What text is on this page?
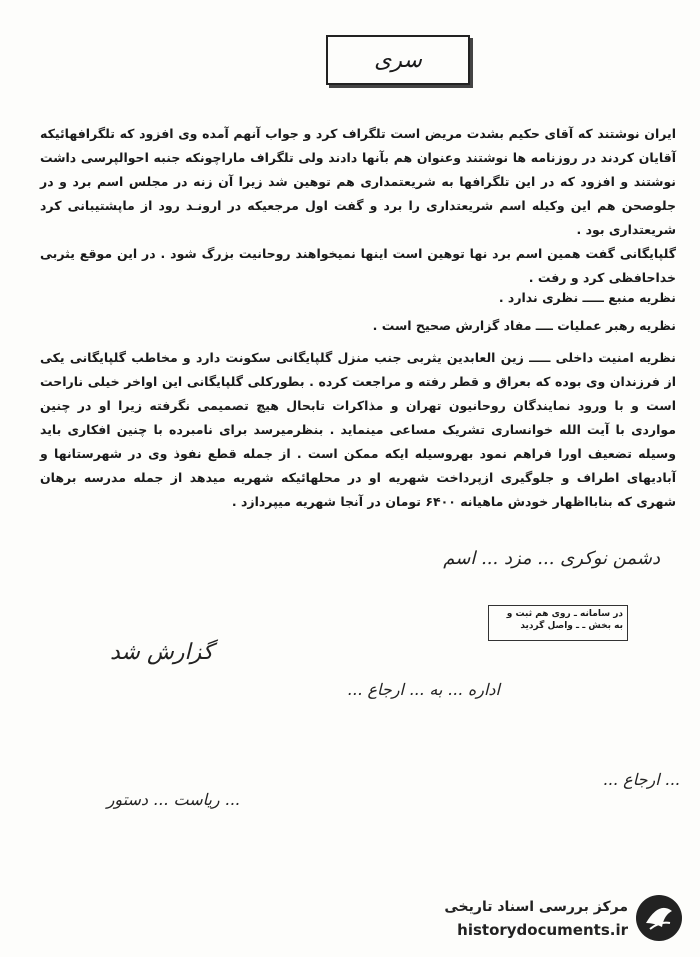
سرى

ایران نوشتند که آقای حکیم بشدت مریض است تلگراف کرد و جواب آنهم آمده وی افزود که تلگرافهائیکه آقایان کردند در روزنامه ها نوشتند وعنوان هم بآنها دادند ولی تلگراف ماراچونکه جنبه احوالپرسی داشت نوشتند و افزود که در این تلگرافها به شریعتمداری هم توهین شد زیرا آن زنه در مجلس اسم برد و در جلوصحن هم این وکیله اسم شریعتداری را برد و گفت اول مرجعیکه در ارونـد رود از ماپشتیبانی کرد شریعتداری بود .

گلپایگانی گفت همین اسم برد نها توهین است اینها نمیخواهند روحانیت بزرگ شود . در این موقع یثربی خداحافظی کرد و رفت .

نظریه منبع ـــــ نظری ندارد .
نظریه رهبر عملیات ــــ مفاد گزارش صحیح است .

نظریه امنیت داخلی ـــــ زین العابدین یثربی جنب منزل گلپایگانی سکونت دارد و مخاطب گلپایگانی یکی از فرزندان وی بوده که بعراق و قطر رفته و مراجعت کرده . بطورکلی گلپایگانی این اواخر خیلی ناراحت است و با ورود نمایندگان روحانیون تهران و مذاکرات تابحال هیچ تصمیمی نگرفته زیرا او در چنین مواردی با آیت الله خوانساری تشریک مساعی مینماید . بنظرمیرسد برای نامبرده با چنین افکاری باید وسیله تضعیف اورا فراهم نمود بهروسیله ایکه ممکن است . از جمله قطع نفوذ وی در شهرستانها و آبادیهای اطراف و جلوگیری ازپرداخت شهریه او در محلهائیکه شهریه میدهد از جمله مدرسه برهان شهری که بنابااظهار خودش ماهیانه ۶۴۰۰ تومان در آنجا شهریه میپردازد .

دشمن نوکری ... مزد ... اسم
در سامانه ـ روی هم ثبت و
به بخش ـ ـ واصل گردید
گزارش شد
اداره ... به ... ارجاع ...
... ریاست ... دستور
... ارجاع ...
مرکز بررسی اسناد تاریخی
historydocuments.ir
